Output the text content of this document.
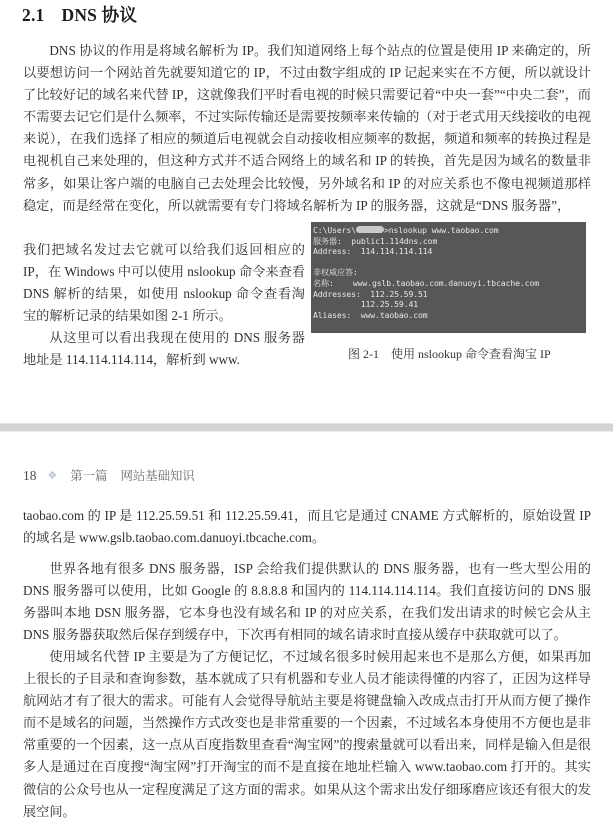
2.1 DNS 协议
DNS 协议的作用是将域名解析为 IP。我们知道网络上每个站点的位置是使用 IP 来确定的，所以要想访问一个网站首先就要知道它的 IP，不过由数字组成的 IP 记起来实在不方便，所以就设计了比较好记的域名来代替 IP，这就像我们平时看电视的时候只需要记着“中央一套”“中央二套”，而不需要去记它们是什么频率，不过实际传输还是需要按频率来传输的（对于老式用天线接收的电视来说），在我们选择了相应的频道后电视就会自动接收相应频率的数据，频道和频率的转换过程是电视机自己来处理的，但这种方式并不适合网络上的域名和 IP 的转换，首先是因为域名的数量非常多，如果让客户端的电脑自己去处理会比较慢，另外域名和 IP 的对应关系也不像电视频道那样稳定，而是经常在变化，所以就需要有专门将域名解析为 IP 的服务器，这就是“DNS 服务器”，
我们把域名发过去它就可以给我们返回相应的 IP，在 Windows 中可以使用 nslookup 命令来查看 DNS 解析的结果，如使用 nslookup 命令查看淘宝的解析记录的结果如图 2-1 所示。
从这里可以看出我现在使用的 DNS 服务器地址是 114.114.114.114，解析到 www.
C:\Users\	>nslookup www.taobao.com
服务器:  public1.114dns.com
Address:  114.114.114.114
非权威应答:
名称:    www.gslb.taobao.com.danuoyi.tbcache.com
Addresses:  112.25.59.51
112.25.59.41
Aliases:  www.taobao.com
图 2-1 使用 nslookup 命令查看淘宝 IP
18 ❖ 第一篇 网站基础知识
taobao.com 的 IP 是 112.25.59.51 和 112.25.59.41，而且它是通过 CNAME 方式解析的，原始设置 IP 的域名是 www.gslb.taobao.com.danuoyi.tbcache.com。
世界各地有很多 DNS 服务器，ISP 会给我们提供默认的 DNS 服务器，也有一些大型公用的 DNS 服务器可以使用，比如 Google 的 8.8.8.8 和国内的 114.114.114.114。我们直接访问的 DNS 服务器叫本地 DSN 服务器，它本身也没有域名和 IP 的对应关系，在我们发出请求的时候它会从主 DNS 服务器获取然后保存到缓存中，下次再有相同的域名请求时直接从缓存中获取就可以了。
使用域名代替 IP 主要是为了方便记忆，不过域名很多时候用起来也不是那么方便，如果再加上很长的子目录和查询参数，基本就成了只有机器和专业人员才能读得懂的内容了，正因为这样导航网站才有了很大的需求。可能有人会觉得导航站主要是将键盘输入改成点击打开从而方便了操作而不是域名的问题，当然操作方式改变也是非常重要的一个因素，不过域名本身使用不方便也是非常重要的一个因素，这一点从百度指数里查看“淘宝网”的搜索量就可以看出来，同样是输入但是很多人是通过在百度搜“淘宝网”打开淘宝的而不是直接在地址栏输入 www.taobao.com 打开的。其实微信的公众号也从一定程度满足了这方面的需求。如果从这个需求出发仔细琢磨应该还有很大的发展空间。
